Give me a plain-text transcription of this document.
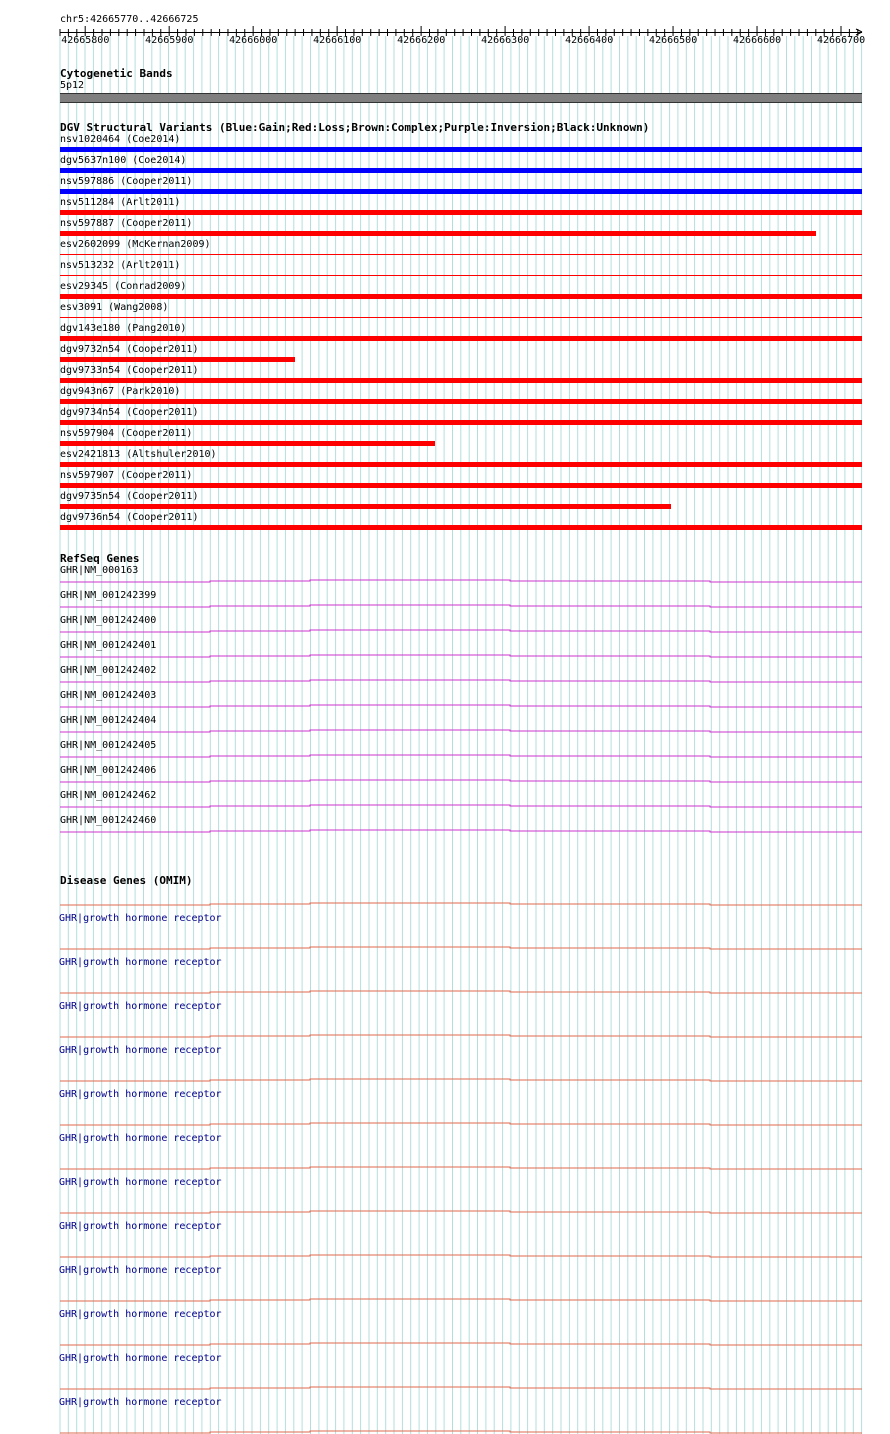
chr5:42665770..42666725
42665800	42665900	42666000	42666100	42666200	42666300	42666400	42666500	42666600	42666700
Cytogenetic Bands
5p12
DGV Structural Variants (Blue:Gain;Red:Loss;Brown:Complex;Purple:Inversion;Black:Unknown)
nsv1020464 (Coe2014)
dgv5637n100 (Coe2014)
nsv597886 (Cooper2011)
nsv511284 (Arlt2011)
nsv597887 (Cooper2011)
esv2602099 (McKernan2009)
nsv513232 (Arlt2011)
esv29345 (Conrad2009)
esv3091 (Wang2008)
dgv143e180 (Pang2010)
dgv9732n54 (Cooper2011)
dgv9733n54 (Cooper2011)
dgv943n67 (Park2010)
dgv9734n54 (Cooper2011)
nsv597904 (Cooper2011)
esv2421813 (Altshuler2010)
nsv597907 (Cooper2011)
dgv9735n54 (Cooper2011)
dgv9736n54 (Cooper2011)
RefSeq Genes
GHR|NM_000163
GHR|NM_001242399
GHR|NM_001242400
GHR|NM_001242401
GHR|NM_001242402
GHR|NM_001242403
GHR|NM_001242404
GHR|NM_001242405
GHR|NM_001242406
GHR|NM_001242462
GHR|NM_001242460
Disease Genes (OMIM)
GHR|growth hormone receptor
GHR|growth hormone receptor
GHR|growth hormone receptor
GHR|growth hormone receptor
GHR|growth hormone receptor
GHR|growth hormone receptor
GHR|growth hormone receptor
GHR|growth hormone receptor
GHR|growth hormone receptor
GHR|growth hormone receptor
GHR|growth hormone receptor
GHR|growth hormone receptor
